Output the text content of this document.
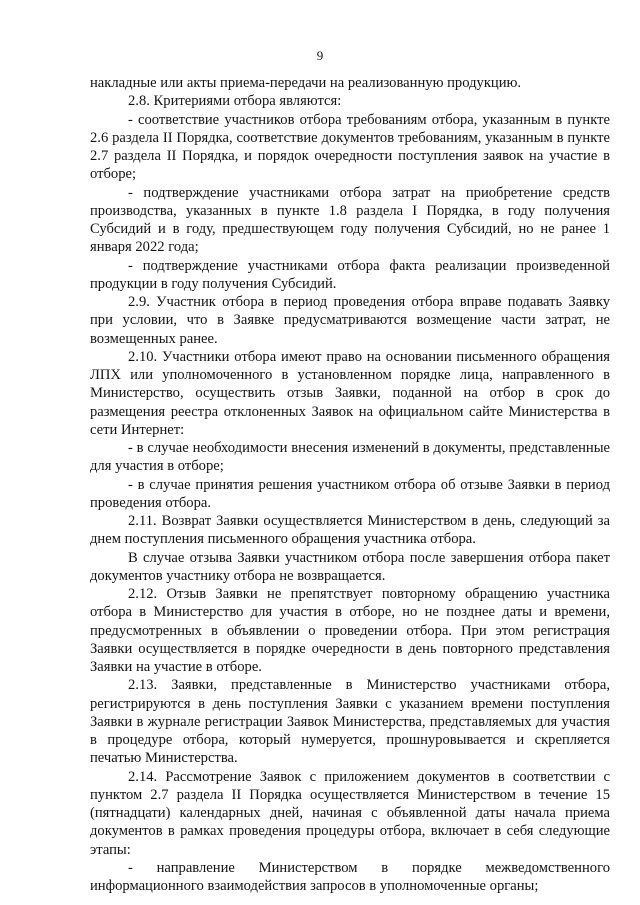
9

накладные или акты приема-передачи на реализованную продукцию.

2.8. Критериями отбора являются:

- соответствие участников отбора требованиям отбора, указанным в пункте 2.6 раздела II Порядка, соответствие документов требованиям, указанным в пункте 2.7 раздела II Порядка, и порядок очередности поступления заявок на участие в отборе;

- подтверждение участниками отбора затрат на приобретение средств производства, указанных в пункте 1.8 раздела I Порядка, в году получения Субсидий и в году, предшествующем году получения Субсидий, но не ранее 1 января 2022 года;

- подтверждение участниками отбора факта реализации произведенной продукции в году получения Субсидий.

2.9. Участник отбора в период проведения отбора вправе подавать Заявку при условии, что в Заявке предусматриваются возмещение части затрат, не возмещенных ранее.

2.10. Участники отбора имеют право на основании письменного обращения ЛПХ или уполномоченного в установленном порядке лица, направленного в Министерство, осуществить отзыв Заявки, поданной на отбор в срок до размещения реестра отклоненных Заявок на официальном сайте Министерства в сети Интернет:

- в случае необходимости внесения изменений в документы, представленные для участия в отборе;

- в случае принятия решения участником отбора об отзыве Заявки в период проведения отбора.

2.11. Возврат Заявки осуществляется Министерством в день, следующий за днем поступления письменного обращения участника отбора.

В случае отзыва Заявки участником отбора после завершения отбора пакет документов участнику отбора не возвращается.

2.12. Отзыв Заявки не препятствует повторному обращению участника отбора в Министерство для участия в отборе, но не позднее даты и времени, предусмотренных в объявлении о проведении отбора. При этом регистрация Заявки осуществляется в порядке очередности в день повторного представления Заявки на участие в отборе.

2.13. Заявки, представленные в Министерство участниками отбора, регистрируются в день поступления Заявки с указанием времени поступления Заявки в журнале регистрации Заявок Министерства, представляемых для участия в процедуре отбора, который нумеруется, прошнуровывается и скрепляется печатью Министерства.

2.14. Рассмотрение Заявок с приложением документов в соответствии с пунктом 2.7 раздела II Порядка осуществляется Министерством в течение 15 (пятнадцати) календарных дней, начиная с объявленной даты начала приема документов в рамках проведения процедуры отбора, включает в себя следующие этапы:

- направление Министерством в порядке межведомственного информационного взаимодействия запросов в уполномоченные органы;
